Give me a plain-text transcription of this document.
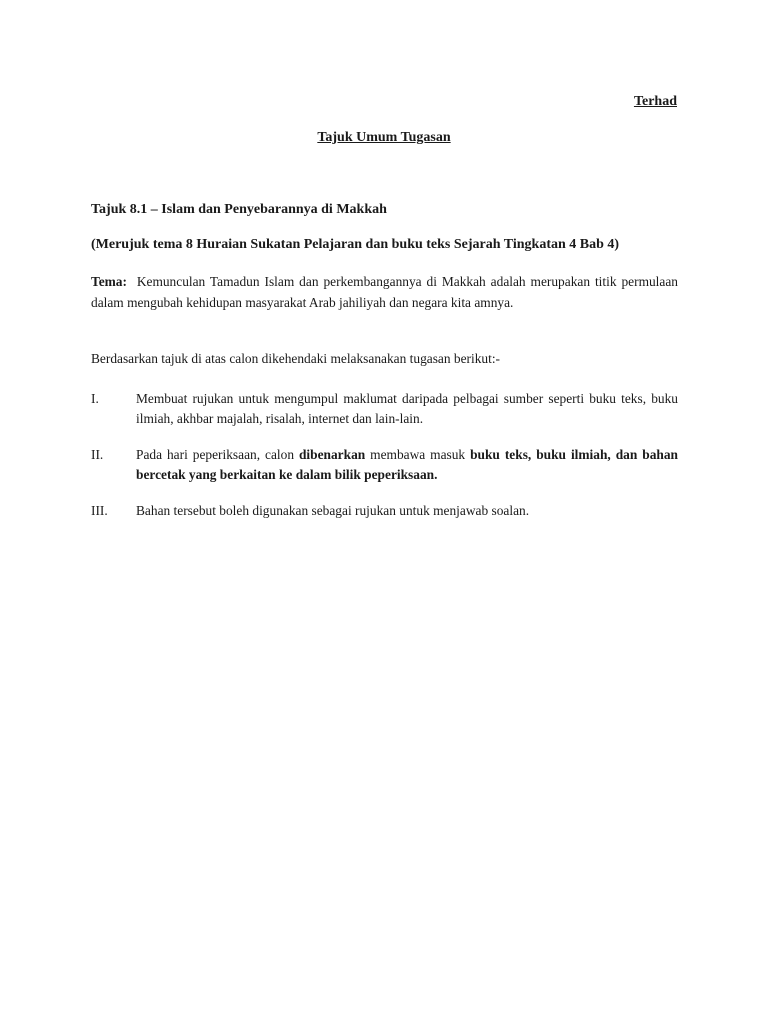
Terhad

Tajuk Umum Tugasan

Tajuk 8.1 – Islam dan Penyebarannya di Makkah

(Merujuk tema 8 Huraian Sukatan Pelajaran dan buku teks Sejarah Tingkatan 4 Bab 4)

Tema: Kemunculan Tamadun Islam dan perkembangannya di Makkah adalah merupakan titik permulaan dalam mengubah kehidupan masyarakat Arab jahiliyah dan negara kita amnya.

Berdasarkan tajuk di atas calon dikehendaki melaksanakan tugasan berikut:-

I.	Membuat rujukan untuk mengumpul maklumat daripada pelbagai sumber seperti buku teks, buku ilmiah, akhbar majalah, risalah, internet dan lain-lain.
II.	Pada hari peperiksaan, calon dibenarkan membawa masuk buku teks, buku ilmiah, dan bahan bercetak yang berkaitan ke dalam bilik peperiksaan.
III.	Bahan tersebut boleh digunakan sebagai rujukan untuk menjawab soalan.
